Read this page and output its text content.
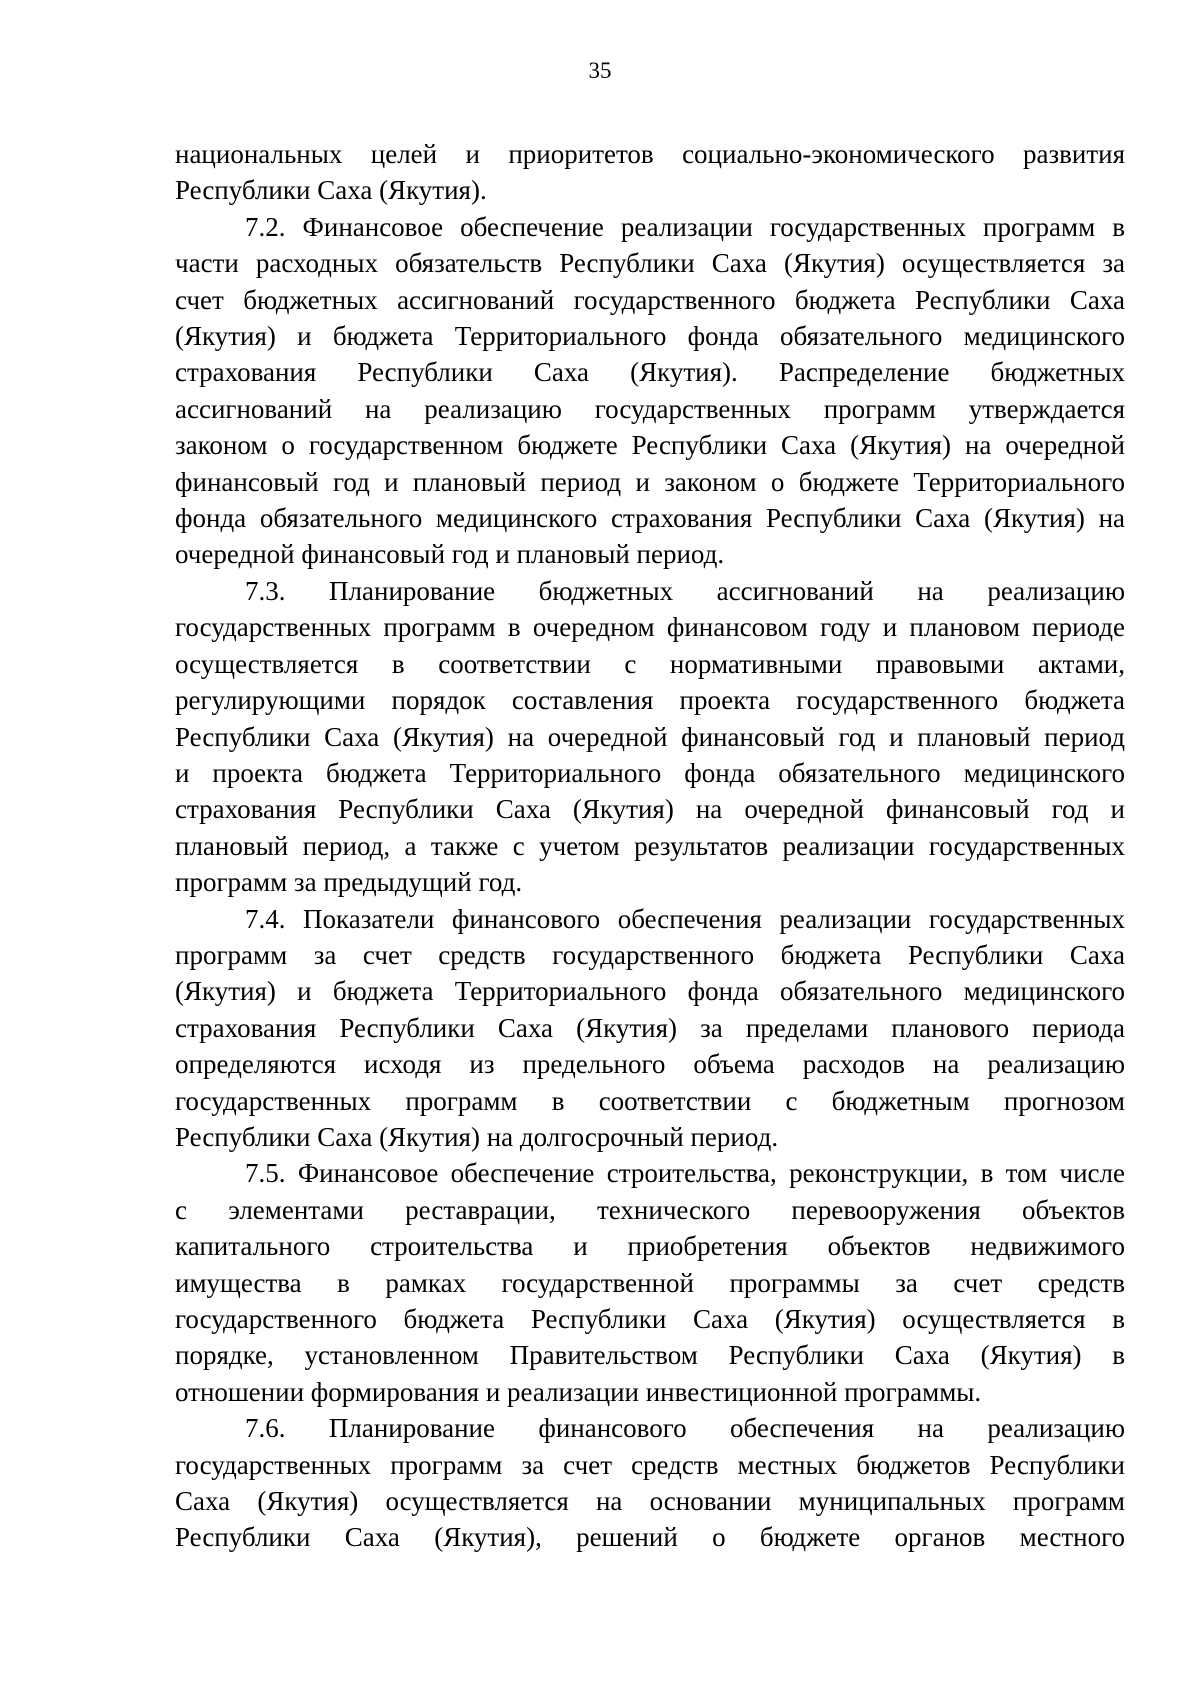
35

национальных целей и приоритетов социально-экономического развития

Республики Саха (Якутия).

7.2. Финансовое обеспечение реализации государственных программ в

части расходных обязательств Республики Саха (Якутия) осуществляется за

счет бюджетных ассигнований государственного бюджета Республики Саха

(Якутия) и бюджета Территориального фонда обязательного медицинского

страхования Республики Саха (Якутия). Распределение бюджетных

ассигнований на реализацию государственных программ утверждается

законом о государственном бюджете Республики Саха (Якутия) на очередной

финансовый год и плановый период и законом о бюджете Территориального

фонда обязательного медицинского страхования Республики Саха (Якутия) на

очередной финансовый год и плановый период.

7.3. Планирование бюджетных ассигнований на реализацию

государственных программ в очередном финансовом году и плановом периоде

осуществляется в соответствии с нормативными правовыми актами,

регулирующими порядок составления проекта государственного бюджета

Республики Саха (Якутия) на очередной финансовый год и плановый период

и проекта бюджета Территориального фонда обязательного медицинского

страхования Республики Саха (Якутия) на очередной финансовый год и

плановый период, а также с учетом результатов реализации государственных

программ за предыдущий год.

7.4. Показатели финансового обеспечения реализации государственных

программ за счет средств государственного бюджета Республики Саха

(Якутия) и бюджета Территориального фонда обязательного медицинского

страхования Республики Саха (Якутия) за пределами планового периода

определяются исходя из предельного объема расходов на реализацию

государственных программ в соответствии с бюджетным прогнозом

Республики Саха (Якутия) на долгосрочный период.

7.5. Финансовое обеспечение строительства, реконструкции, в том числе

с элементами реставрации, технического перевооружения объектов

капитального строительства и приобретения объектов недвижимого

имущества в рамках государственной программы за счет средств

государственного бюджета Республики Саха (Якутия) осуществляется в

порядке, установленном Правительством Республики Саха (Якутия) в

отношении формирования и реализации инвестиционной программы.

7.6. Планирование финансового обеспечения на реализацию

государственных программ за счет средств местных бюджетов Республики

Саха (Якутия) осуществляется на основании муниципальных программ

Республики Саха (Якутия), решений о бюджете органов местного
